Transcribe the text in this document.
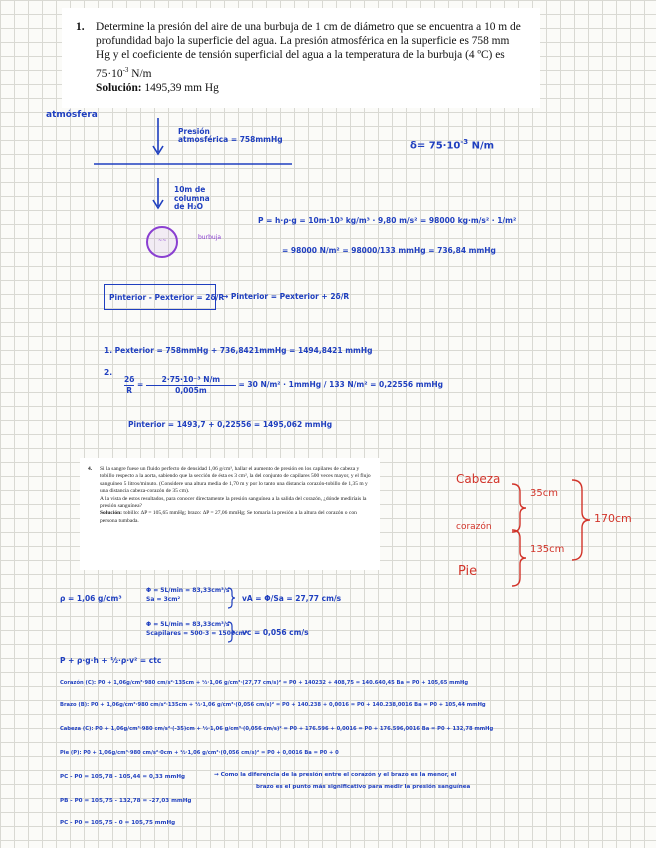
1. Determine la presión del aire de una burbuja de 1 cm de diámetro que se encuentra a 10 m de profundidad bajo la superficie del agua. La presión atmosférica en la superficie es 758 mm Hg y el coeficiente de tensión superficial del agua a la temperatura de la burbuja (4 ºC) es $75\cdot 10^{-3}$ N/m
Solución: 1495,39 mm Hg
atmósfera
Presión
atmosférica = 758mmHg
$\delta= 75\cdot 10^{-3}$ N/m
10m de
columna
de H₂O
~~	burbuja
P = h·ρ·g = 10m·10³ kg/m³ · 9,80 m/s² = 98000 kg·m/s² · 1/m²
= 98000 N/m² = 98000/133 mmHg = 736,84 mmHg
Pinterior - Pexterior = 2δ/R
→ Pinterior = Pexterior + 2δ/R
1. Pexterior = 758mmHg + 736,8421mmHg = 1494,8421 mmHg
2.
$\frac{2\delta}{R} = \frac{\text{2·75·10⁻³ N/m}}{0,005m} = 30$ N/m² · 1mmHg / 133 N/m² = 0,22556 mmHg
Pinterior = 1493,7 + 0,22556 = 1495,062 mmHg
4. Si la sangre fuese un fluido perfecto de densidad 1,06 g/cm³, hallar el aumento de presión en los capilares de cabeza y tobillo respecto a la aorta, sabiendo que la sección de ésta es 3 cm², la del conjunto de capilares 500 veces mayor, y el flujo sanguíneo 5 litros/minuto. (Considere una altura media de 1,70 m y por lo tanto una distancia corazón-tobillo de 1,35 m y una distancia cabeza-corazón de 35 cm).
A la vista de estos resultados, para conocer directamente la presión sanguínea a la salida del corazón, ¿dónde mediríais la presión sanguínea?
Solución: tobillo: ΔP = 105,65 mmHg; brazo: ΔP = 27,06 mmHg; Se tomaría la presión a la altura del corazón o con persona tumbada.
Cabeza
corazón
Pie
35cm
135cm
170cm
ρ = 1,06 g/cm³
Φ = 5L/min = 83,33cm³/s
Sa = 3cm²	vA = Φ/Sa = 27,77 cm/s
Φ = 5L/min = 83,33cm³/s
Scapilares = 500·3 = 1500cm²
vc = 0,056 cm/s
P + ρ·g·h + ½·ρ·v² = ctc
Corazón (C): P0 + 1,06g/cm³·980 cm/s²·135cm + ½·1,06 g/cm³·(27,77 cm/s)² = P0 + 140232 + 408,75 = 140.640,45 Ba = P0 + 105,65 mmHg
Brazo (B): P0 + 1,06g/cm³·980 cm/s²·135cm + ½·1,06 g/cm³·(0,056 cm/s)² = P0 + 140.238 + 0,0016 = P0 + 140.238,0016 Ba = P0 + 105,44 mmHg
Cabeza (C): P0 + 1,06g/cm³·980 cm/s²·(-35)cm + ½·1,06 g/cm³·(0,056 cm/s)² = P0 + 176.596 + 0,0016 = P0 + 176.596,0016 Ba = P0 + 132,78 mmHg
Pie (P): P0 + 1,06g/cm³·980 cm/s²·0cm + ½·1,06 g/cm³·(0,056 cm/s)² = P0 + 0,0016 Ba = P0 + 0
PC - P0 = 105,78 - 105,44 = 0,33 mmHg	→ Como la diferencia de la presión entre el corazón y el brazo es la menor, el
brazo es el punto más significativo para medir la presión sanguínea
PB - P0 = 105,75 - 132,78 = -27,03 mmHg
PC - P0 = 105,75 - 0 = 105,75 mmHg
